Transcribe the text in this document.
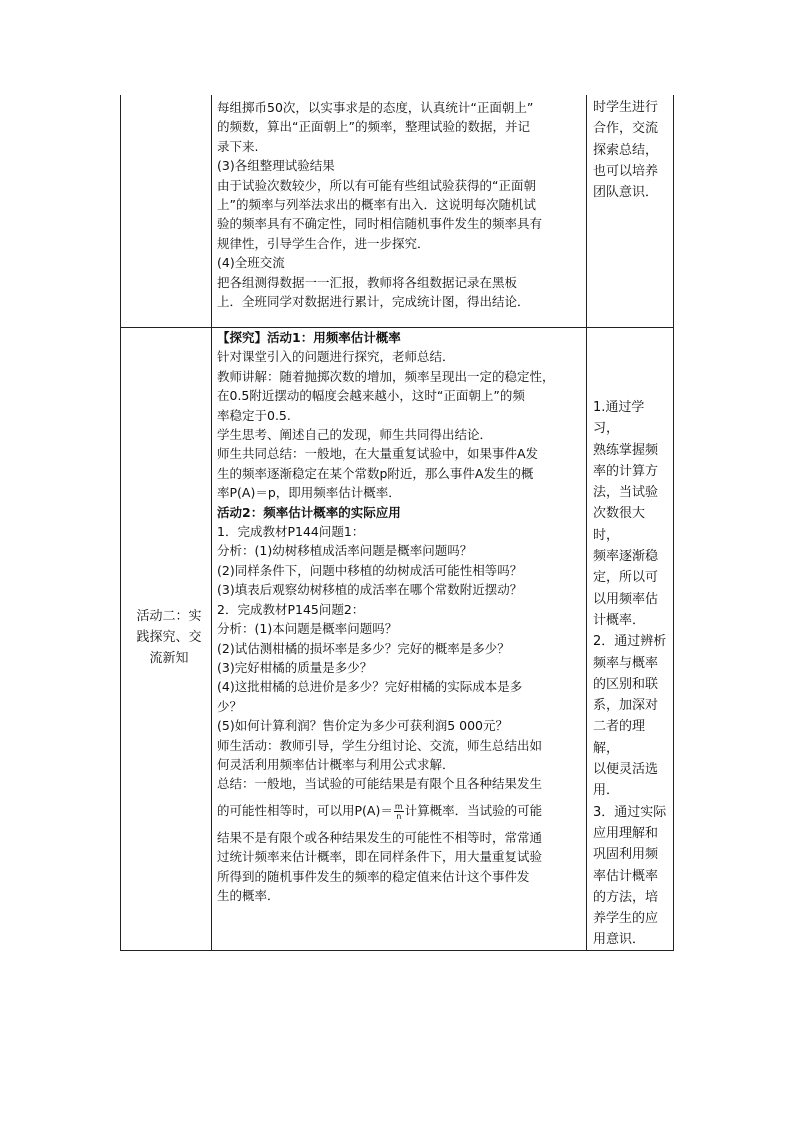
每组掷币50次，以实事求是的态度，认真统计“正面朝上”

的频数，算出“正面朝上”的频率，整理试验的数据，并记

录下来.

(3)各组整理试验结果

由于试验次数较少，所以有可能有些组试验获得的“正面朝

上”的频率与列举法求出的概率有出入．这说明每次随机试

验的频率具有不确定性，同时相信随机事件发生的频率具有

规律性，引导学生合作，进一步探究．

(4)全班交流

把各组测得数据一一汇报，教师将各组数据记录在黑板

上．全班同学对数据进行累计，完成统计图，得出结论．

时学生进行

合作，交流

探索总结，

也可以培养

团队意识．

活动二：实

践探究、交

流新知

【探究】活动1：用频率估计概率

针对课堂引入的问题进行探究，老师总结．

教师讲解：随着抛掷次数的增加，频率呈现出一定的稳定性，

在0.5附近摆动的幅度会越来越小，这时“正面朝上”的频

率稳定于0.5.

学生思考、阐述自己的发现，师生共同得出结论．

师生共同总结：一般地，在大量重复试验中，如果事件A发

生的频率逐渐稳定在某个常数p附近，那么事件A发生的概

率P(A)＝p，即用频率估计概率．

活动2：频率估计概率的实际应用

1．完成教材P144问题1：

分析：(1)幼树移植成活率问题是概率问题吗？

(2)同样条件下，问题中移植的幼树成活可能性相等吗？

(3)填表后观察幼树移植的成活率在哪个常数附近摆动？

2．完成教材P145问题2：

分析：(1)本问题是概率问题吗？

(2)试估测柑橘的损坏率是多少？完好的概率是多少？

(3)完好柑橘的质量是多少？

(4)这批柑橘的总进价是多少？完好柑橘的实际成本是多

少？

(5)如何计算利润？售价定为多少可获利润5 000元？

师生活动：教师引导，学生分组讨论、交流，师生总结出如

何灵活利用频率估计概率与利用公式求解．

总结：一般地，当试验的可能结果是有限个且各种结果发生

的可能性相等时，可以用$P(A)= \frac{m}{n}$ 计算概率．当试验的可能

结果不是有限个或各种结果发生的可能性不相等时，常常通

过统计频率来估计概率，即在同样条件下，用大量重复试验

所得到的随机事件发生的频率的稳定值来估计这个事件发

生的概率．

1.通过学习，

熟练掌握频

率的计算方

法，当试验

次数很大时，

频率逐渐稳

定，所以可

以用频率估

计概率．

2．通过辨析

频率与概率

的区别和联

系，加深对

二者的理解，

以便灵活选

用．

3．通过实际

应用理解和

巩固利用频

率估计概率

的方法，培

养学生的应

用意识．
